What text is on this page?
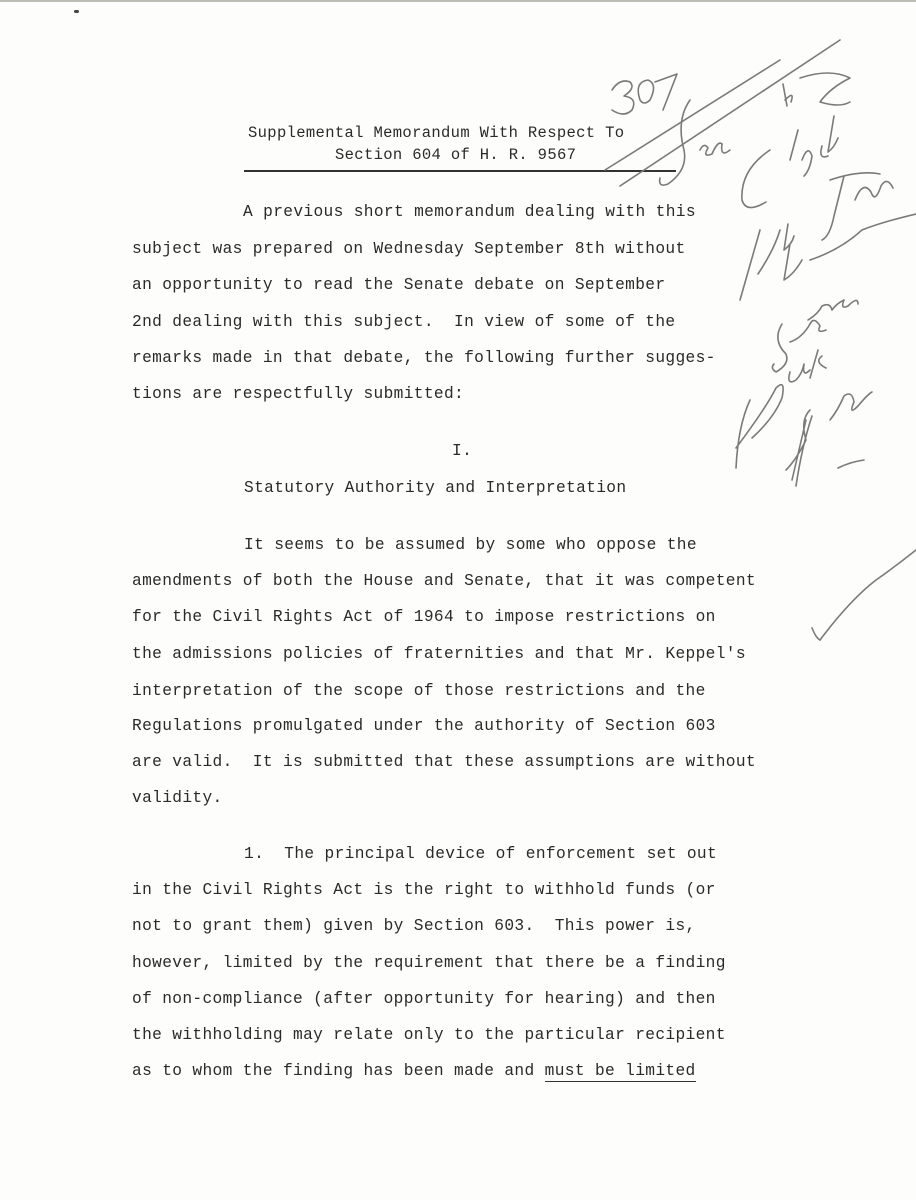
Supplemental Memorandum With Respect To
Section 604 of H. R. 9567
A previous short memorandum dealing with this
subject was prepared on Wednesday September 8th without
an opportunity to read the Senate debate on September
2nd dealing with this subject.  In view of some of the
remarks made in that debate, the following further sugges-
tions are respectfully submitted:
I.
Statutory Authority and Interpretation
It seems to be assumed by some who oppose the
amendments of both the House and Senate, that it was competent
for the Civil Rights Act of 1964 to impose restrictions on
the admissions policies of fraternities and that Mr. Keppel's
interpretation of the scope of those restrictions and the
Regulations promulgated under the authority of Section 603
are valid.  It is submitted that these assumptions are without
validity.
1.  The principal device of enforcement set out
in the Civil Rights Act is the right to withhold funds (or
not to grant them) given by Section 603.  This power is,
however, limited by the requirement that there be a finding
of non-compliance (after opportunity for hearing) and then
the withholding may relate only to the particular recipient
as to whom the finding has been made and must be limited
